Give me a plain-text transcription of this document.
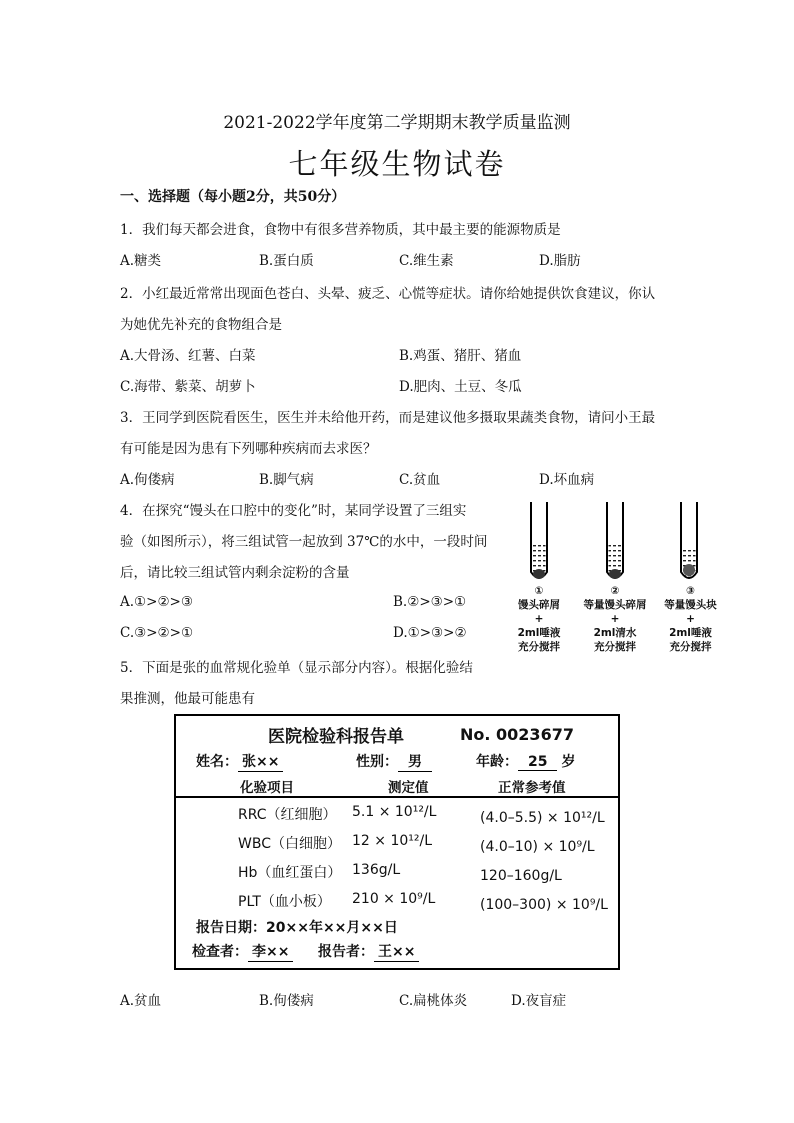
2021-2022学年度第二学期期末教学质量监测
七年级生物试卷
一、选择题（每小题2分，共50分）
1．我们每天都会进食，食物中有很多营养物质，其中最主要的能源物质是
A.糖类	B.蛋白质	C.维生素	D.脂肪
2．小红最近常常出现面色苍白、头晕、疲乏、心慌等症状。请你给她提供饮食建议，你认
为她优先补充的食物组合是
A.大骨汤、红薯、白菜	B.鸡蛋、猪肝、猪血
C.海带、紫菜、胡萝卜	D.肥肉、土豆、冬瓜
3．王同学到医院看医生，医生并未给他开药，而是建议他多摄取果蔬类食物，请问小王最
有可能是因为患有下列哪种疾病而去求医？
A.佝偻病	B.脚气病	C.贫血	D.坏血病
4．在探究“馒头在口腔中的变化”时，某同学设置了三组实
验（如图所示），将三组试管一起放到 37℃的水中，一段时间
后，请比较三组试管内剩余淀粉的含量
A.①>②>③	B.②>③>①
C.③>②>①	D.①>③>②
①
馒头碎屑
+
2ml唾液
充分搅拌
②
等量馒头碎屑
+
2ml清水
充分搅拌
③
等量馒头块
+
2ml唾液
充分搅拌
5．下面是张的血常规化验单（显示部分内容）。根据化验结
果推测，他最可能患有
医院检验科报告单	No. 0023677
姓名： 张××	性别： 男	年龄： 25 岁
化验项目	测定值	正常参考值
RRC（红细胞） 5.1 × 10¹²/L	(4.0–5.5) × 10¹²/L
WBC（白细胞） 12 × 10¹²/L	(4.0–10) × 10⁹/L
Hb（血红蛋白） 136g/L	120–160g/L
PLT（血小板） 210 × 10⁹/L	(100–300) × 10⁹/L
报告日期：20××年××月××日
检查者： 李×× 报告者： 王××
A.贫血	B.佝偻病	C.扁桃体炎	D.夜盲症
